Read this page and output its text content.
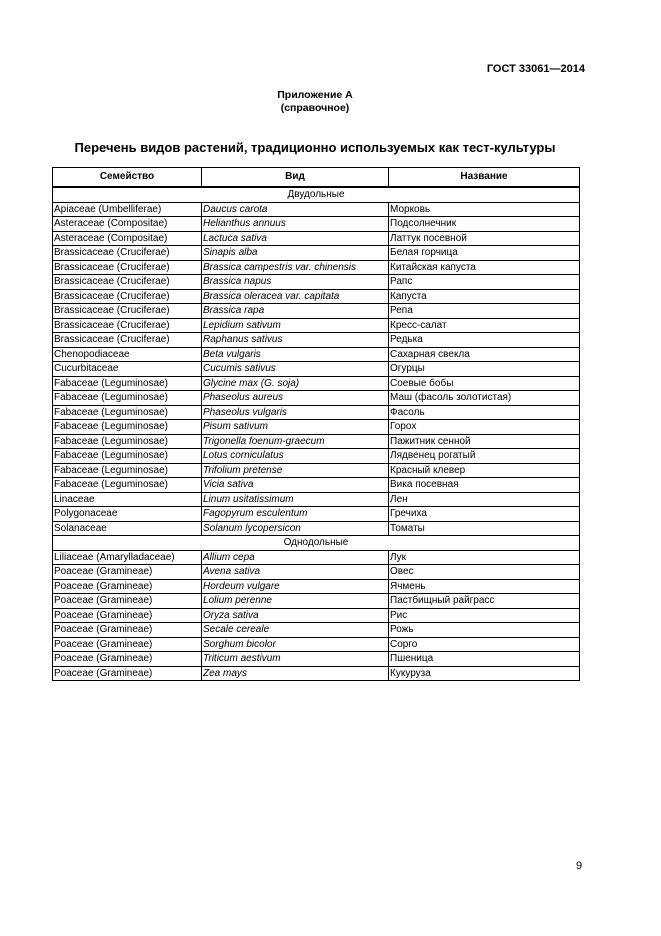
ГОСТ 33061—2014
Приложение А
(справочное)
Перечень видов растений, традиционно используемых как тест-культуры
Семейство	Вид	Название
Двудольные		
Apiaceae (Umbelliferae)	Daucus carota	Морковь
Asteraceae (Compositae)	Helianthus annuus	Подсолнечник
Asteraceae (Compositae)	Lactuca sativa	Латтук посевной
Brassicaceae (Cruciferae)	Sinapis alba	Белая горчица
Brassicaceae (Cruciferae)	Brassica campestris var. chinensis	Китайская капуста
Brassicaceae (Cruciferae)	Brassica napus	Рапс
Brassicaceae (Cruciferae)	Brassica oleracea var. capitata	Капуста
Brassicaceae (Cruciferae)	Brassica rapa	Репа
Brassicaceae (Cruciferae)	Lepidium sativum	Кресс-салат
Brassicaceae (Cruciferae)	Raphanus sativus	Редька
Chenopodiaceae	Beta vulgaris	Сахарная свекла
Cucurbitaceae	Cucumis sativus	Огурцы
Fabaceae (Leguminosae)	Glycine max (G. soja)	Соевые бобы
Fabaceae (Leguminosae)	Phaseolus aureus	Маш (фасоль золотистая)
Fabaceae (Leguminosae)	Phaseolus vulgaris	Фасоль
Fabaceae (Leguminosae)	Pisum sativum	Горох
Fabaceae (Leguminosae)	Trigonella foenum-graecum	Пажитник сенной
Fabaceae (Leguminosae)	Lotus corniculatus	Лядвенец рогатый
Fabaceae (Leguminosae)	Trifolium pretense	Красный клевер
Fabaceae (Leguminosae)	Vicia sativa	Вика посевная
Linaceae	Linum usitatissimum	Лен
Polygonaceae	Fagopyrum esculentum	Гречиха
Solanaceae	Solanum lycopersicon	Томаты
Однодольные		
Liliaceae (Amarylladaceae)	Allium cepa	Лук
Poaceae (Gramineae)	Avena sativa	Овес
Poaceae (Gramineae)	Hordeum vulgare	Ячмень
Poaceae (Gramineae)	Lolium perenne	Пастбищный райграсс
Poaceae (Gramineae)	Oryza sativa	Рис
Poaceae (Gramineae)	Secale cereale	Рожь
Poaceae (Gramineae)	Sorghum bicolor	Сорго
Poaceae (Gramineae)	Triticum aestivum	Пшеница
Poaceae (Gramineae)	Zea mays	Кукуруза
9
